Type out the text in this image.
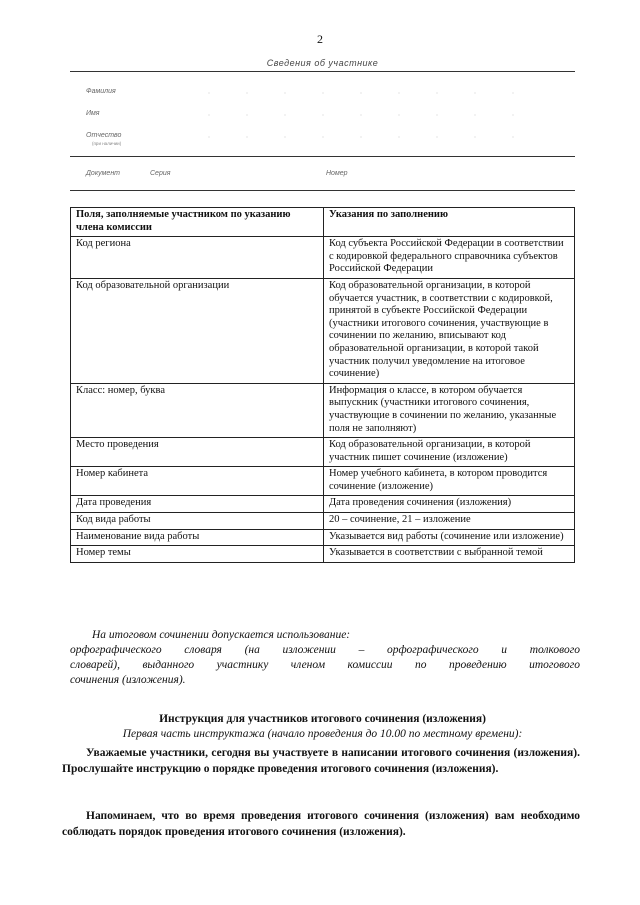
2
Сведения об участнике
Фамилия
Имя
Отчество
(при наличии)
Документ	Серия	Номер
Поля, заполняемые участником по указанию члена комиссии	Указания по заполнению
Код региона	Код субъекта Российской Федерации в соответствии с кодировкой федерального справочника субъектов Российской Федерации
Код образовательной организации	Код образовательной организации, в которой обучается участник, в соответствии с кодировкой, принятой в субъекте Российской Федерации (участники итогового сочинения, участвующие в сочинении по желанию, вписывают код образовательной организации, в которой такой участник получил уведомление на итоговое сочинение)
Класс: номер, буква	Информация о классе, в котором обучается выпускник (участники итогового сочинения, участвующие в сочинении по желанию, указанные поля не заполняют)
Место проведения	Код образовательной организации, в которой участник пишет сочинение (изложение)
Номер кабинета	Номер учебного кабинета, в котором проводится сочинение (изложение)
Дата проведения	Дата проведения сочинения (изложения)
Код вида работы	20 – сочинение, 21 – изложение
Наименование вида работы	Указывается вид работы (сочинение или изложение)
Номер темы	Указывается в соответствии с выбранной темой
На итоговом сочинении допускается использование:
орфографического словаря (на изложении – орфографического и толкового
словарей), выданного участнику членом комиссии по проведению итогового
сочинения (изложения).
Инструкция для участников итогового сочинения (изложения)
Первая часть инструктажа (начало проведения до 10.00 по местному времени):
Уважаемые участники, сегодня вы участвуете в написании итогового сочинения (изложения). Прослушайте инструкцию о порядке проведения итогового сочинения (изложения).
Напоминаем, что во время проведения итогового сочинения (изложения) вам необходимо соблюдать порядок проведения итогового сочинения (изложения).
